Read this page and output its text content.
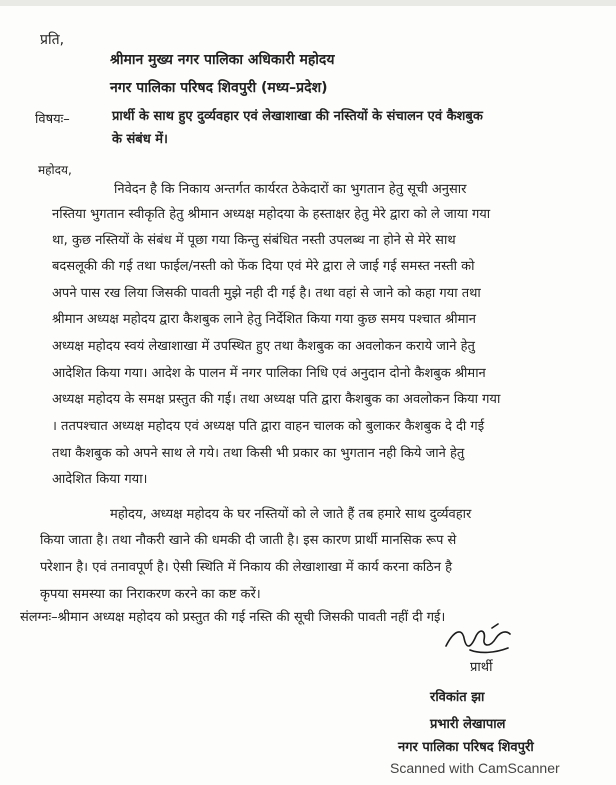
प्रति,
श्रीमान मुख्य नगर पालिका अधिकारी महोदय
नगर पालिका परिषद शिवपुरी (मध्य–प्रदेश)
विषयः–	प्रार्थी के साथ हुए दुर्व्यवहार एवं लेखाशाखा की नस्तियों के संचालन एवं कैशबुक
के संबंध में।
महोदय,
निवेदन है कि निकाय अन्तर्गत कार्यरत ठेकेदारों का भुगतान हेतु सूची अनुसार
नस्तिया भुगतान स्वीकृति हेतु श्रीमान अध्यक्ष महोदया के हस्ताक्षर हेतु मेरे द्वारा को ले जाया गया
था, कुछ नस्तियों के संबंध में पूछा गया किन्तु संबंधित नस्ती उपलब्ध ना होने से मेरे साथ
बदसलूकी की गई तथा फाईल/नस्ती को फेंक दिया एवं मेरे द्वारा ले जाई गई समस्त नस्ती को
अपने पास रख लिया जिसकी पावती मुझे नही दी गई है। तथा वहां से जाने को कहा गया तथा
श्रीमान अध्यक्ष महोदय द्वारा कैशबुक लाने हेतु निर्देशित किया गया कुछ समय पश्चात श्रीमान
अध्यक्ष महोदय स्वयं लेखाशाखा में उपस्थित हुए तथा कैशबुक का अवलोकन कराये जाने हेतु
आदेशित किया गया। आदेश के पालन में नगर पालिका निधि एवं अनुदान दोनो कैशबुक श्रीमान
अध्यक्ष महोदय के समक्ष प्रस्तुत की गई। तथा अध्यक्ष पति द्वारा कैशबुक का अवलोकन किया गया
। ततपश्चात अध्यक्ष महोदय एवं अध्यक्ष पति द्वारा वाहन चालक को बुलाकर कैशबुक दे दी गई
तथा कैशबुक को अपने साथ ले गये। तथा किसी भी प्रकार का भुगतान नही किये जाने हेतु
आदेशित किया गया।
महोदय, अध्यक्ष महोदय के घर नस्तियों को ले जाते हैं तब हमारे साथ दुर्व्यवहार
किया जाता है। तथा नौकरी खाने की धमकी दी जाती है। इस कारण प्रार्थी मानसिक रूप से
परेशान है। एवं तनावपूर्ण है। ऐसी स्थिति में निकाय की लेखाशाखा में कार्य करना कठिन है
कृपया समस्या का निराकरण करने का कष्ट करें।
संलग्नः–श्रीमान अध्यक्ष महोदय को प्रस्तुत की गई नस्ति की सूची जिसकी पावती नहीं दी गई।
प्रार्थी
रविकांत झा
प्रभारी लेखापाल
नगर पालिका परिषद शिवपुरी
Scanned with CamScanner
